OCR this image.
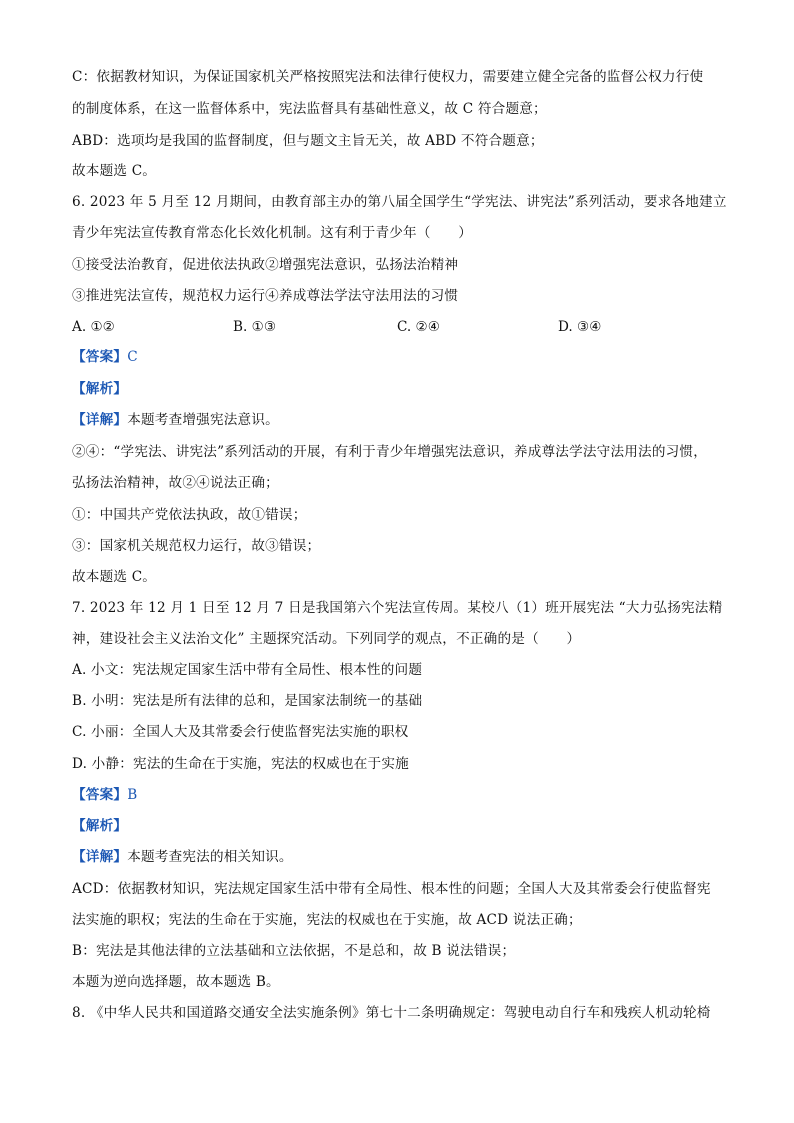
C：依据教材知识，为保证国家机关严格按照宪法和法律行使权力，需要建立健全完备的监督公权力行使
的制度体系，在这一监督体系中，宪法监督具有基础性意义，故 C 符合题意；
ABD：选项均是我国的监督制度，但与题文主旨无关，故 ABD 不符合题意；
故本题选 C。
6. 2023 年 5 月至 12 月期间，由教育部主办的第八届全国学生“学宪法、讲宪法”系列活动，要求各地建立
青少年宪法宣传教育常态化长效化机制。这有利于青少年（　　）
①接受法治教育，促进依法执政②增强宪法意识，弘扬法治精神
③推进宪法宣传，规范权力运行④养成尊法学法守法用法的习惯
A. ①②	B. ①③	C. ②④	D. ③④
【答案】C
【解析】
【详解】本题考查增强宪法意识。
②④：“学宪法、讲宪法”系列活动的开展，有利于青少年增强宪法意识，养成尊法学法守法用法的习惯，
弘扬法治精神，故②④说法正确；
①：中国共产党依法执政，故①错误；
③：国家机关规范权力运行，故③错误；
故本题选 C。
7. 2023 年 12 月 1 日至 12 月 7 日是我国第六个宪法宣传周。某校八（1）班开展宪法 “大力弘扬宪法精
神，建设社会主义法治文化” 主题探究活动。下列同学的观点，不正确的是（　　）
A. 小文：宪法规定国家生活中带有全局性、根本性的问题
B. 小明：宪法是所有法律的总和，是国家法制统一的基础
C. 小丽：全国人大及其常委会行使监督宪法实施的职权
D. 小静：宪法的生命在于实施，宪法的权威也在于实施
【答案】B
【解析】
【详解】本题考查宪法的相关知识。
ACD：依据教材知识，宪法规定国家生活中带有全局性、根本性的问题；全国人大及其常委会行使监督宪
法实施的职权；宪法的生命在于实施，宪法的权威也在于实施，故 ACD 说法正确；
B：宪法是其他法律的立法基础和立法依据，不是总和，故 B 说法错误；
本题为逆向选择题，故本题选 B。
8. 《中华人民共和国道路交通安全法实施条例》第七十二条明确规定：驾驶电动自行车和残疾人机动轮椅
